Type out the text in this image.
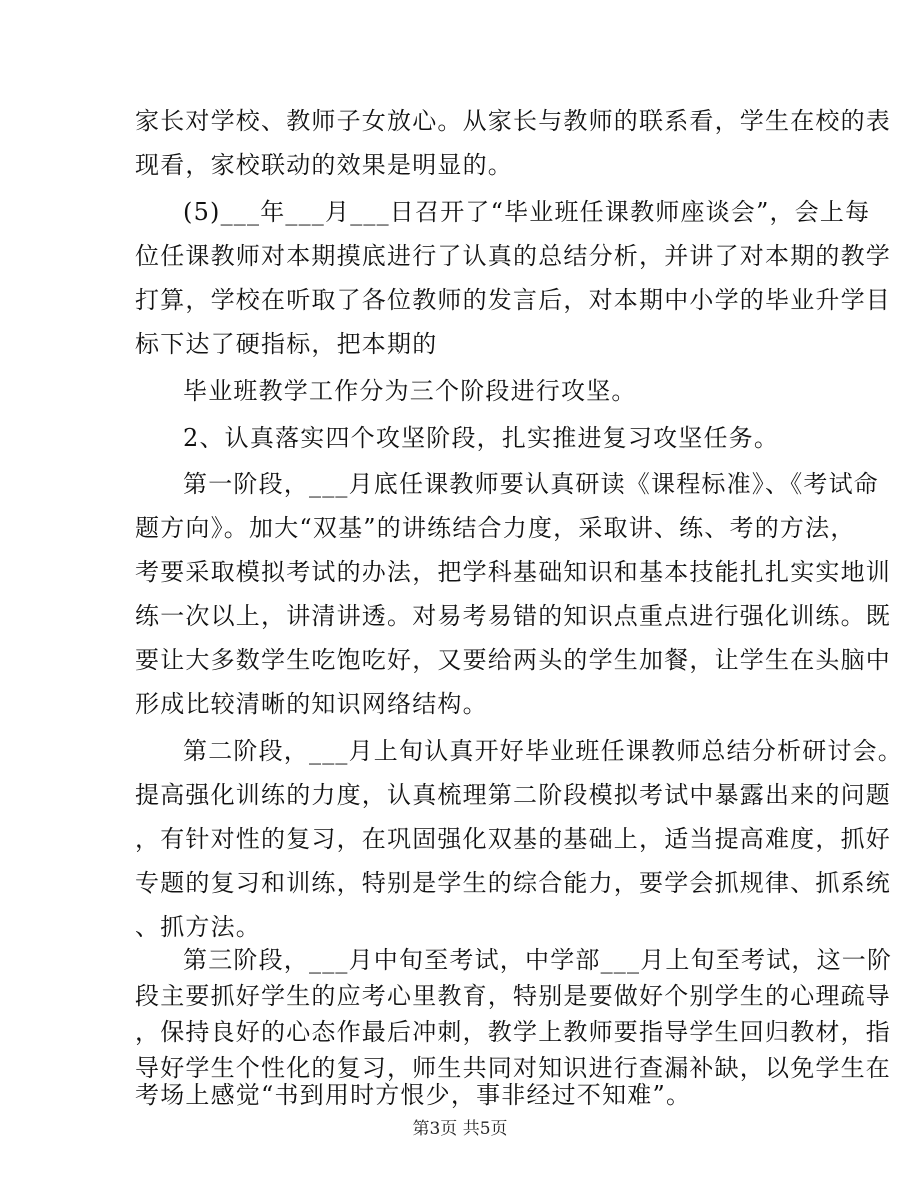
家长对学校、教师子女放心。从家长与教师的联系看，学生在校的表
现看，家校联动的效果是明显的。
(5)___年___月___日召开了“毕业班任课教师座谈会”，会上每
位任课教师对本期摸底进行了认真的总结分析，并讲了对本期的教学
打算，学校在听取了各位教师的发言后，对本期中小学的毕业升学目
标下达了硬指标，把本期的
毕业班教学工作分为三个阶段进行攻坚。
2、认真落实四个攻坚阶段，扎实推进复习攻坚任务。
第一阶段，___月底任课教师要认真研读《课程标准》、《考试命
题方向》。加大“双基”的讲练结合力度，采取讲、练、考的方法，
考要采取模拟考试的办法，把学科基础知识和基本技能扎扎实实地训
练一次以上，讲清讲透。对易考易错的知识点重点进行强化训练。既
要让大多数学生吃饱吃好，又要给两头的学生加餐，让学生在头脑中
形成比较清晰的知识网络结构。
第二阶段，___月上旬认真开好毕业班任课教师总结分析研讨会。
提高强化训练的力度，认真梳理第二阶段模拟考试中暴露出来的问题
，有针对性的复习，在巩固强化双基的基础上，适当提高难度，抓好
专题的复习和训练，特别是学生的综合能力，要学会抓规律、抓系统
、抓方法。
第三阶段，___月中旬至考试，中学部___月上旬至考试，这一阶
段主要抓好学生的应考心里教育，特别是要做好个别学生的心理疏导
，保持良好的心态作最后冲刺，教学上教师要指导学生回归教材，指
导好学生个性化的复习，师生共同对知识进行查漏补缺，以免学生在
考场上感觉“书到用时方恨少，事非经过不知难”。
第3页 共5页
